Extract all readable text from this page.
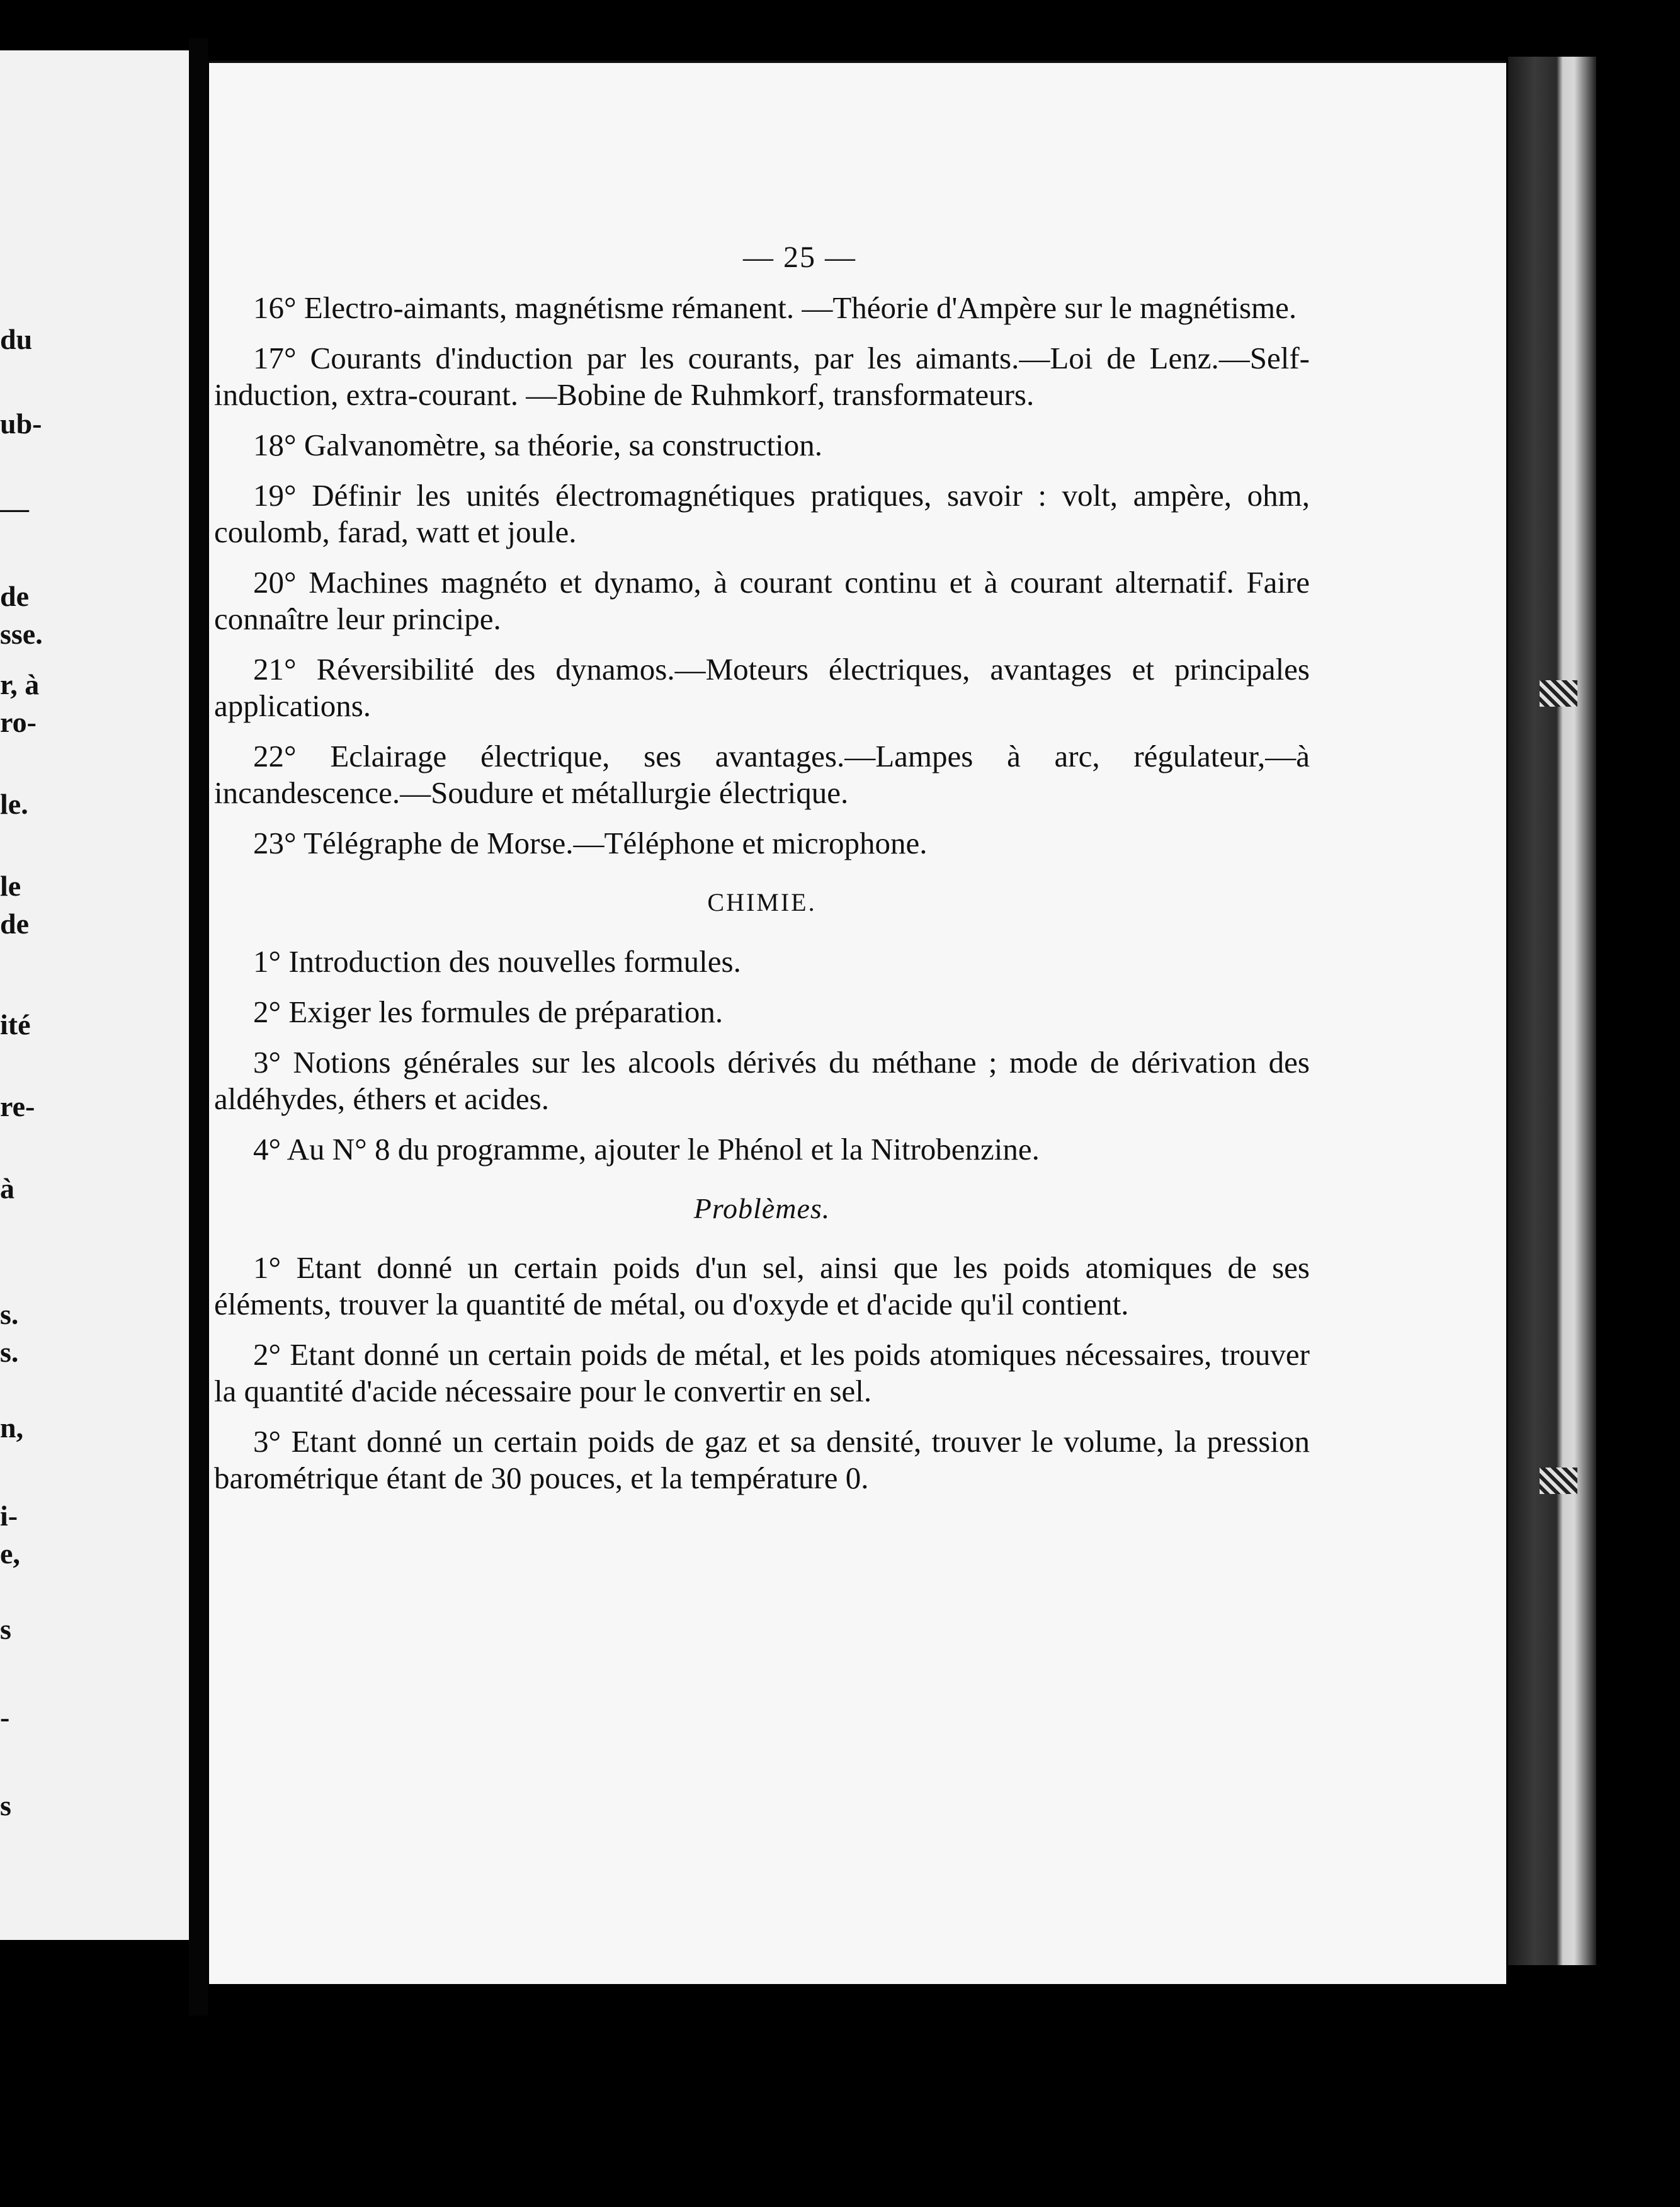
du
ub-
—
de
sse.
r, à
ro-
le.
le
de
ité
re-
à
s.
s.
n,
i-
e,
s
-
s
— 25 —

16° Electro-aimants, magnétisme rémanent. —Théorie d'Ampère sur le magnétisme.

17° Courants d'induction par les courants, par les aimants.—Loi de Lenz.—Self-induction, extra-courant. —Bobine de Ruhmkorf, transformateurs.

18° Galvanomètre, sa théorie, sa construction.

19° Définir les unités électromagnétiques pratiques, savoir : volt, ampère, ohm, coulomb, farad, watt et joule.

20° Machines magnéto et dynamo, à courant continu et à courant alternatif. Faire connaître leur principe.

21° Réversibilité des dynamos.—Moteurs électriques, avantages et principales applications.

22° Eclairage électrique, ses avantages.—Lampes à arc, régulateur,—à incandescence.—Soudure et métallurgie électrique.

23° Télégraphe de Morse.—Téléphone et microphone.

CHIMIE.

1° Introduction des nouvelles formules.

2° Exiger les formules de préparation.

3° Notions générales sur les alcools dérivés du méthane ; mode de dérivation des aldéhydes, éthers et acides.

4° Au N° 8 du programme, ajouter le Phénol et la Nitrobenzine.

Problèmes.

1° Etant donné un certain poids d'un sel, ainsi que les poids atomiques de ses éléments, trouver la quantité de métal, ou d'oxyde et d'acide qu'il contient.

2° Etant donné un certain poids de métal, et les poids atomiques nécessaires, trouver la quantité d'acide nécessaire pour le convertir en sel.

3° Etant donné un certain poids de gaz et sa densité, trouver le volume, la pression barométrique étant de 30 pouces, et la température 0.
